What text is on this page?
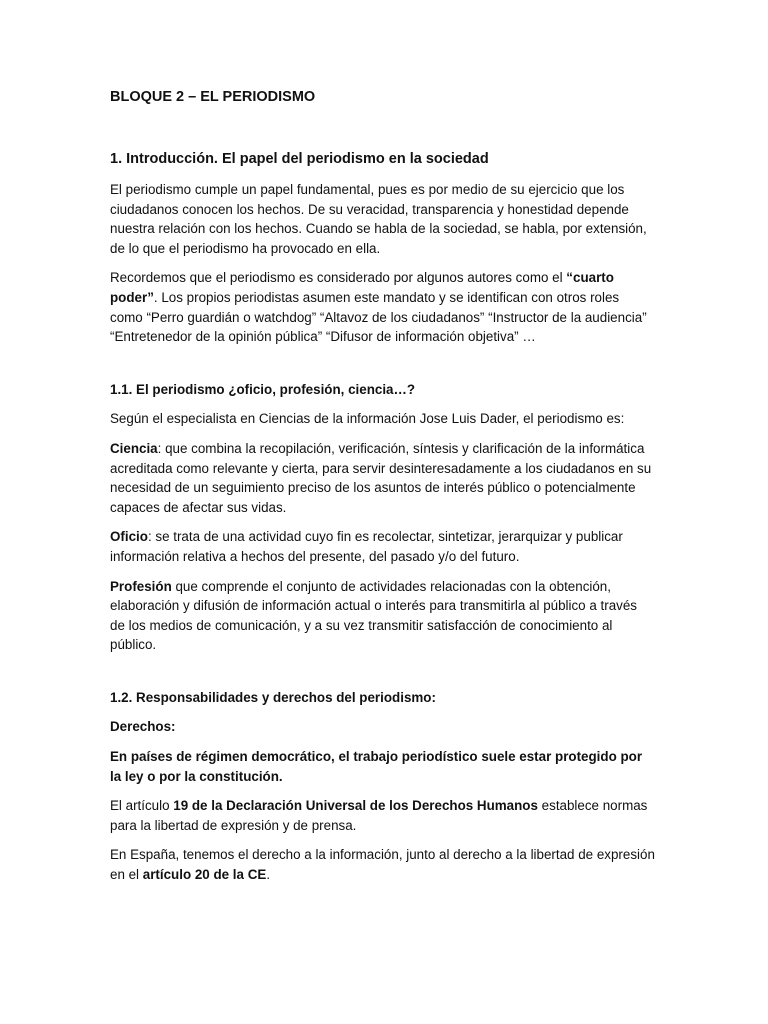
BLOQUE 2 – EL PERIODISMO
1. Introducción. El papel del periodismo en la sociedad

El periodismo cumple un papel fundamental, pues es por medio de su ejercicio que los ciudadanos conocen los hechos. De su veracidad, transparencia y honestidad depende nuestra relación con los hechos. Cuando se habla de la sociedad, se habla, por extensión, de lo que el periodismo ha provocado en ella.

Recordemos que el periodismo es considerado por algunos autores como el “cuarto poder”. Los propios periodistas asumen este mandato y se identifican con otros roles como “Perro guardián o watchdog” “Altavoz de los ciudadanos” “Instructor de la audiencia” “Entretenedor de la opinión pública” “Difusor de información objetiva” …

1.1. El periodismo ¿oficio, profesión, ciencia…?

Según el especialista en Ciencias de la información Jose Luis Dader, el periodismo es:

Ciencia: que combina la recopilación, verificación, síntesis y clarificación de la informática acreditada como relevante y cierta, para servir desinteresadamente a los ciudadanos en su necesidad de un seguimiento preciso de los asuntos de interés público o potencialmente capaces de afectar sus vidas.

Oficio: se trata de una actividad cuyo fin es recolectar, sintetizar, jerarquizar y publicar información relativa a hechos del presente, del pasado y/o del futuro.

Profesión que comprende el conjunto de actividades relacionadas con la obtención, elaboración y difusión de información actual o interés para transmitirla al público a través de los medios de comunicación, y a su vez transmitir satisfacción de conocimiento al público.

1.2. Responsabilidades y derechos del periodismo:

Derechos:

En países de régimen democrático, el trabajo periodístico suele estar protegido por la ley o por la constitución.

El artículo 19 de la Declaración Universal de los Derechos Humanos establece normas para la libertad de expresión y de prensa.

En España, tenemos el derecho a la información, junto al derecho a la libertad de expresión en el artículo 20 de la CE.
